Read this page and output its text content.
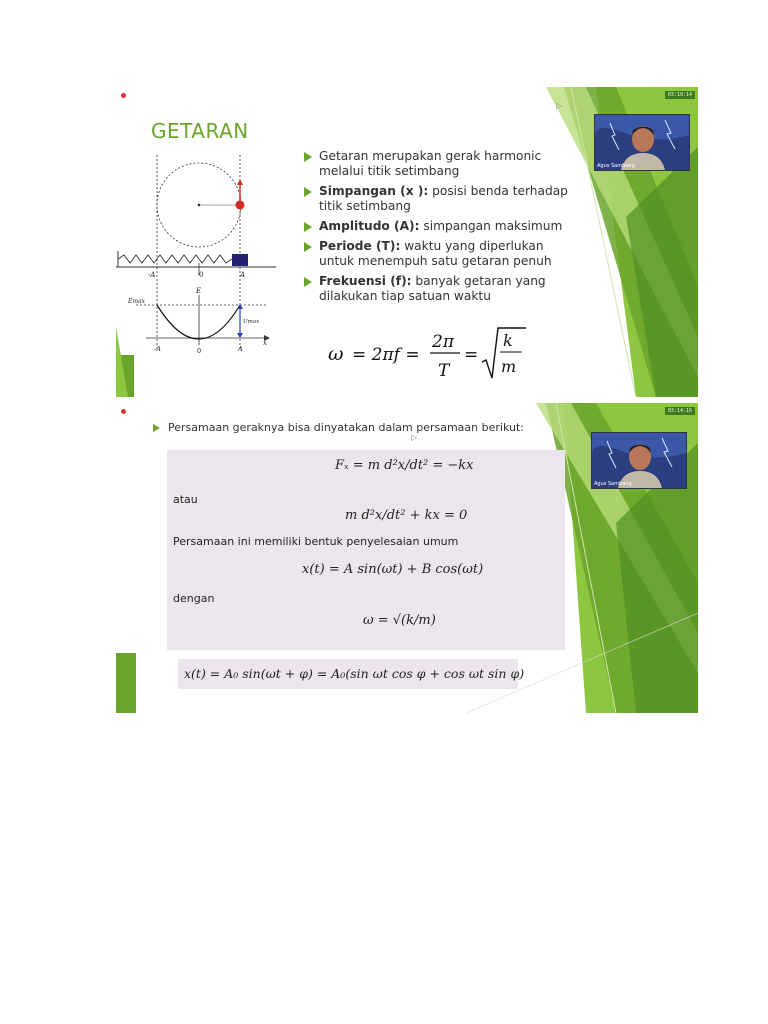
03:10:14
▷
Agus Sambang
GETARAN
-A	0	A
E
Emax
x
Umax
-A	0	A
Getaran merupakan gerak harmonic melalui titik setimbang
Simpangan (x ): posisi benda terhadap titik setimbang
Amplitudo (A): simpangan maksimum
Periode (T): waktu yang diperlukan untuk menempuh satu getaran penuh
Frekuensi (f): banyak getaran yang dilakukan tiap satuan waktu
ω = 2πf =
2π
T
=
k
m
03:14:16
Agus Sambang
Persamaan geraknya bisa dinyatakan dalam persamaan berikut:
▷
Fₓ = m d²x/dt² = −kx
atau
m d²x/dt² + kx = 0
Persamaan ini memiliki bentuk penyelesaian umum
x(t) = A sin(ωt) + B cos(ωt)
dengan
ω = √(k/m)
x(t) = A₀ sin(ωt + φ) = A₀(sin ωt cos φ + cos ωt sin φ)
